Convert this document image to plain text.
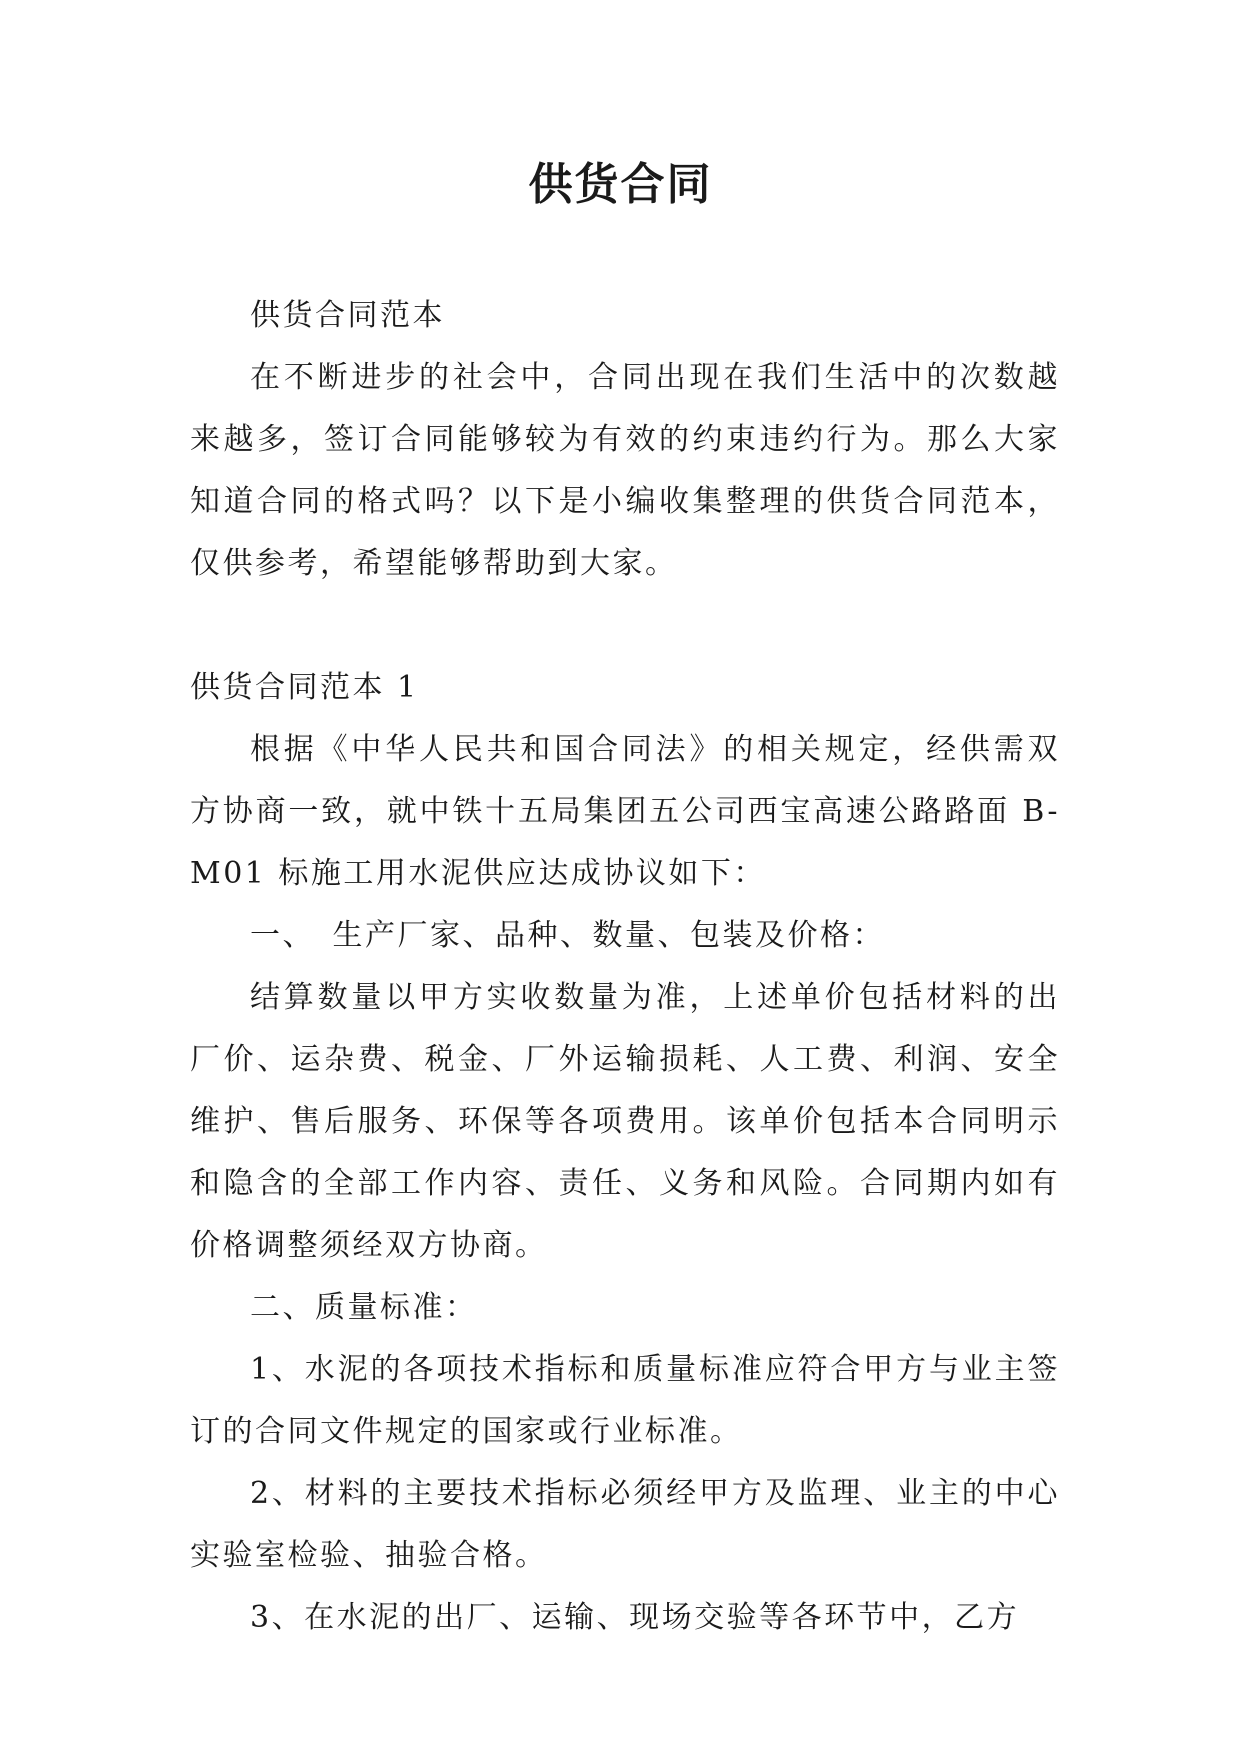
供货合同

供货合同范本

在不断进步的社会中，合同出现在我们生活中的次数越来越多，签订合同能够较为有效的约束违约行为。那么大家知道合同的格式吗？以下是小编收集整理的供货合同范本，仅供参考，希望能够帮助到大家。

供货合同范本 1

根据《中华人民共和国合同法》的相关规定，经供需双方协商一致，就中铁十五局集团五公司西宝高速公路路面 B-M01 标施工用水泥供应达成协议如下：

一、　生产厂家、品种、数量、包装及价格：

结算数量以甲方实收数量为准，上述单价包括材料的出厂价、运杂费、税金、厂外运输损耗、人工费、利润、安全维护、售后服务、环保等各项费用。该单价包括本合同明示和隐含的全部工作内容、责任、义务和风险。合同期内如有价格调整须经双方协商。

二、质量标准：

1、水泥的各项技术指标和质量标准应符合甲方与业主签订的合同文件规定的国家或行业标准。

2、材料的主要技术指标必须经甲方及监理、业主的中心实验室检验、抽验合格。

3、在水泥的出厂、运输、现场交验等各环节中，乙方
